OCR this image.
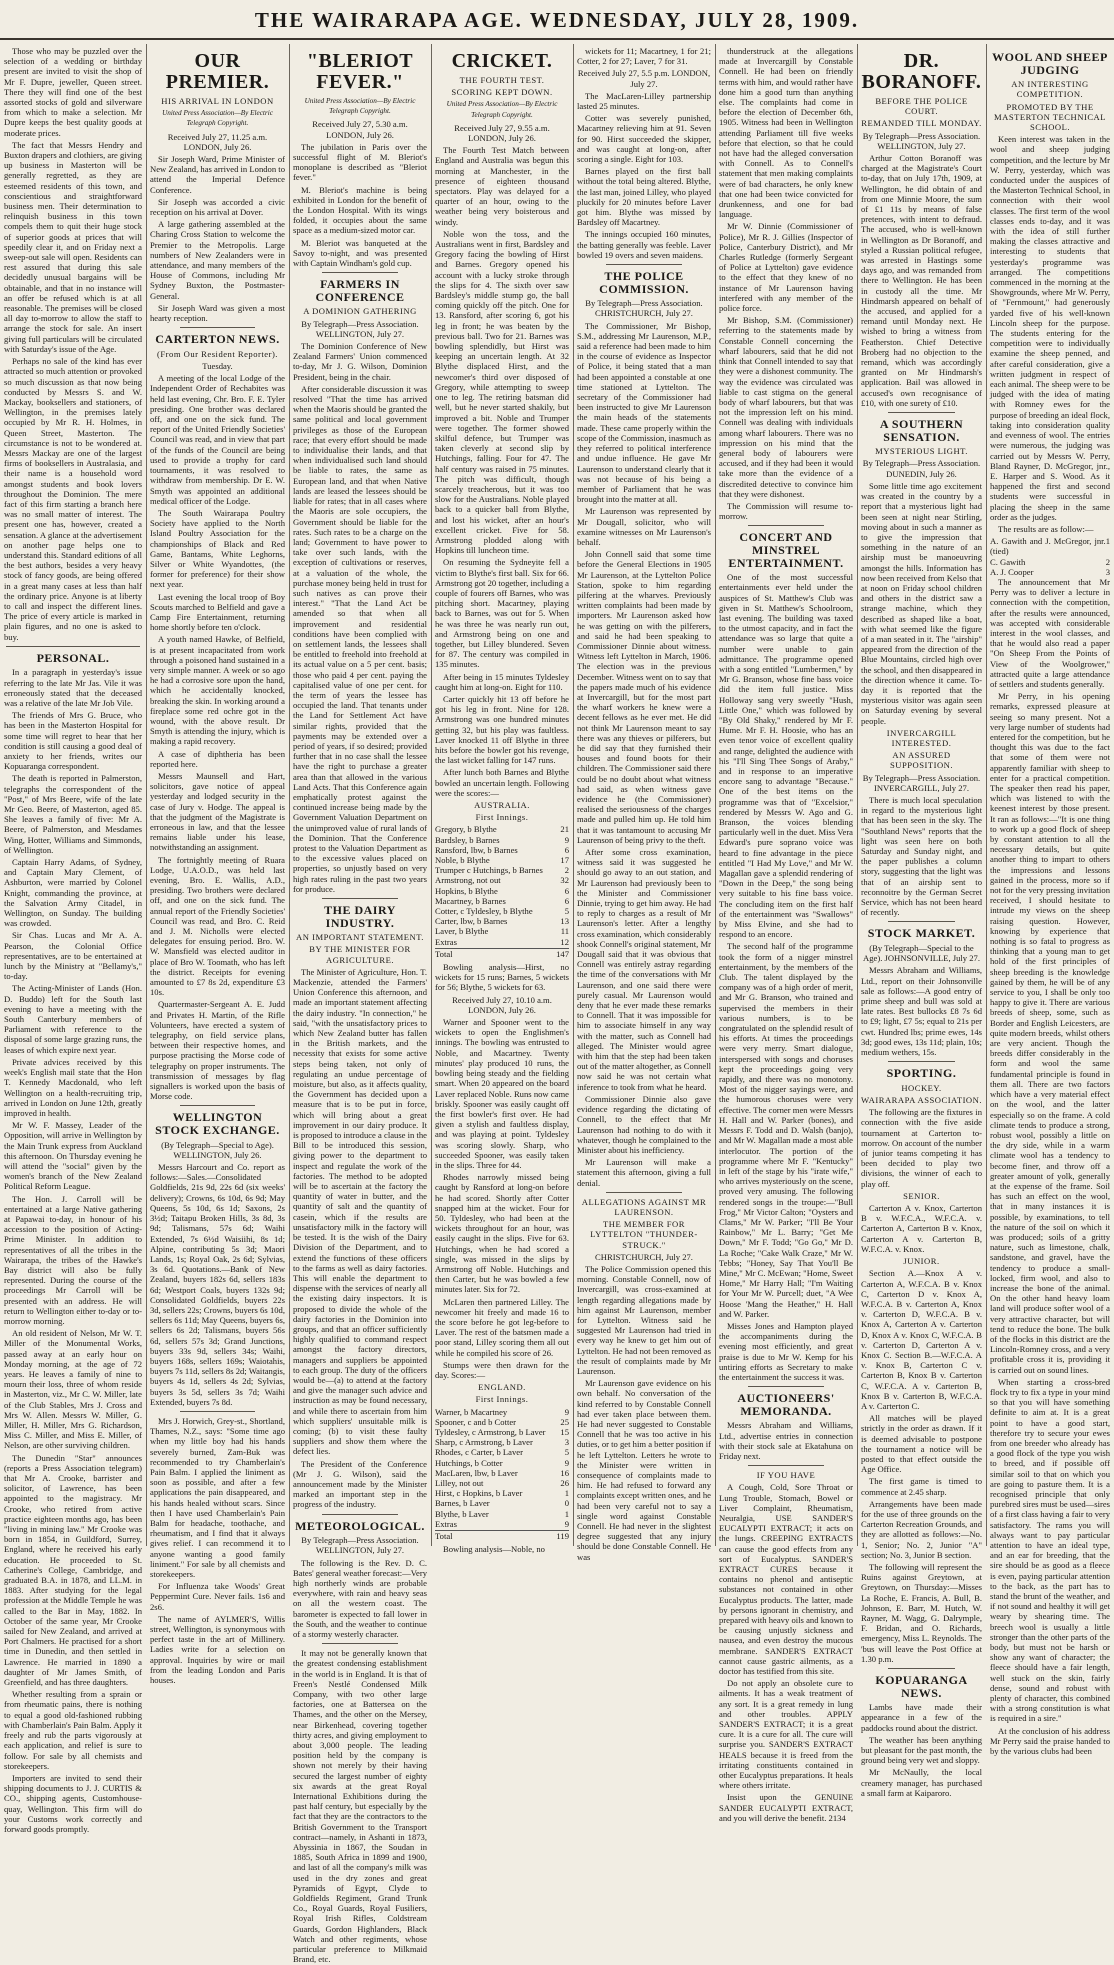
THE WAIRARAPA AGE. WEDNESDAY, JULY 28, 1909.

Those who may be puzzled over the selection of a wedding or birthday present are invited to visit the shop of Mr F. Dupre, jeweller, Queen street. There they will find one of the best assorted stocks of gold and silverware from which to make a selection. Mr Dupre keeps the best quality goods at moderate prices.

The fact that Messrs Hendry and Buxton drapers and clothiers, are giving up business in Masterton will be generally regretted, as they are esteemed residents of this town, and conscientious and straightforward business men. Their determination to relinquish business in this town compels them to quit their huge stock of superior goods at prices that will speedily clear it, and on Friday next a sweep-out sale will open. Residents can rest assured that during this sale decidedly unusual bargains will be obtainable, and that in no instance will an offer be refused which is at all reasonable. The premises will be closed all day to-morrow to allow the staff to arrange the stock for sale. An insert giving full particulars will be circulated with Saturday's issue of the Age.

Perhaps no sale of the kind has ever attracted so much attention or provoked so much discussion as that now being conducted by Messrs S. and W. Mackay, booksellers and stationers, of Wellington, in the premises lately occupied by Mr R. H. Holmes, in Queen Street, Masterton. The circumstance is not to be wondered at. Messrs Mackay are one of the largest firms of booksellers in Australasia, and their name is a household word amongst students and book lovers throughout the Dominion. The mere fact of this firm starting a branch here was no small matter of interest. The present one has, however, created a sensation. A glance at the advertisement on another page helps one to understand this. Standard editions of all the best authors, besides a very heavy stock of fancy goods, are being offered in a great many cases at less than half the ordinary price. Anyone is at liberty to call and inspect the different lines. The price of every article is marked in plain figures, and no one is asked to buy.

PERSONAL.

In a paragraph in yesterday's issue referring to the late Mr Jas. Vile it was erroneously stated that the deceased was a relative of the late Mr Job Vile.

The friends of Mrs G. Bruce, who has been in the Masterton Hospital for some time will regret to hear that her condition is still causing a good deal of anxiety to her friends, writes our Kopuaranga correspondent.

The death is reported in Palmerston, telegraphs the correspondent of the "Post," of Mrs Beere, wife of the late Mr Geo. Beere, of Masterton, aged 85. She leaves a family of five: Mr A. Beere, of Palmerston, and Mesdames Wing, Hotter, Williams and Simmonds, of Wellington.

Captain Harry Adams, of Sydney, and Captain Mary Clement, of Ashburton, were married by Colonel Knight, commanding the province, at the Salvation Army Citadel, in Wellington, on Sunday. The building was crowded.

Sir Chas. Lucas and Mr A. A. Pearson, the Colonial Office representatives, are to be entertained at lunch by the Ministry at "Bellamy's," to-day.

The Acting-Minister of Lands (Hon. D. Buddo) left for the South last evening to have a meeting with the South Canterbury members of Parliament with reference to the disposal of some large grazing runs, the leases of which expire next year.

Private advices received by this week's English mail state that the Hon T. Kennedy Macdonald, who left Wellington on a health-recruiting trip, arrived in London on June 12th, greatly improved in health.

Mr W. F. Massey, Leader of the Opposition, will arrive in Wellington by the Main Trunk express from Auckland this afternoon. On Thursday evening he will attend the "social" given by the women's branch of the New Zealand Political Reform League.

The Hon. J. Carroll will be entertained at a large Native gathering at Papawai to-day, in honour of his accession to the position of Acting-Prime Minister. In addition to representatives of all the tribes in the Wairarapa, the tribes of the Hawke's Bay district will also be fully represented. During the course of the proceedings Mr Carroll will be presented with an address. He will return to Wellington either to-day or to-morrow morning.

An old resident of Nelson, Mr W. T. Miller of the Monumental Works, passed away at an early hour on Monday morning, at the age of 72 years. He leaves a family of nine to mourn their loss, three of whom reside in Masterton, viz., Mr C. W. Miller, late of the Club Stables, Mrs J. Cross and Mrs W. Allen. Messrs W. Miller, G. Miller, H. Miller, Mrs G. Richardson, Miss C. Miller, and Miss E. Miller, of Nelson, are other surviving children.

The Dunedin "Star" announces (reports a Press Association telegram) that Mr A. Crooke, barrister and solicitor, of Lawrence, has been appointed to the magistracy. Mr Crooke, who retired from active practice eighteen months ago, has been "living in mining law." Mr Crooke was born in 1854, in Guildford, Surrey, England, where he received his early education. He proceeded to St. Catherine's College, Cambridge, and graduated B.A. in 1878, and LL.M. in 1883. After studying for the legal profession at the Middle Temple he was called to the Bar in May, 1882. In October of the same year, Mr Crooke sailed for New Zealand, and arrived at Port Chalmers. He practised for a short time in Dunedin, and then settled in Lawrence. He married in 1890 a daughter of Mr James Smith, of Greenfield, and has three daughters.

Whether resulting from a sprain or from rheumatic pains, there is nothing to equal a good old-fashioned rubbing with Chamberlain's Pain Balm. Apply it freely and rub the parts vigorously at each application, and relief is sure to follow. For sale by all chemists and storekeepers.

Importers are invited to send their shipping documents to J. J. CURTIS & CO., shipping agents, Customhouse-quay, Wellington. This firm will do your Customs work correctly and forward goods promptly.

OUR PREMIER.
HIS ARRIVAL IN LONDON
United Press Association—By Electric Telegraph Copyright.
Received July 27, 11.25 a.m. LONDON, July 26.

Sir Joseph Ward, Prime Minister of New Zealand, has arrived in London to attend the Imperial Defence Conference.

Sir Joseph was accorded a civic reception on his arrival at Dover.

A large gathering assembled at the Charing Cross Station to welcome the Premier to the Metropolis. Large numbers of New Zealanders were in attendance, and many members of the House of Commons, including Mr Sydney Buxton, the Postmaster-General.

Sir Joseph Ward was given a most hearty reception.

CARTERTON NEWS.
(From Our Resident Reporter).
Tuesday.

A meeting of the local Lodge of the Independent Order of Rechabites was held last evening, Chr. Bro. F. E. Tyler presiding. One brother was declared off, and one on the sick fund. The report of the United Friendly Societies' Council was read, and in view that part of the funds of the Council are being used to provide a trophy for card tournaments, it was resolved to withdraw from membership. Dr E. W. Smyth was appointed an additional medical officer of the Lodge.

The South Wairarapa Poultry Society have applied to the North Island Poultry Association for the championships of Black and Red Game, Bantams, White Leghorns, Silver or White Wyandottes, (the former for preference) for their show next year.

Last evening the local troop of Boy Scouts marched to Belfield and gave a Camp Fire Entertainment, returning home shortly before ten o'clock.

A youth named Hawke, of Belfield, is at present incapacitated from work through a poisoned hand sustained in a very simple manner. A week or so ago he had a corrosive sore upon the hand, which he accidentally knocked, breaking the skin. In working around a fireplace some red ochre got in the wound, with the above result. Dr Smyth is attending the injury, which is making a rapid recovery.

A case of diphtheria has been reported here.

Messrs Maunsell and Hart, solicitors, gave notice of appeal yesterday and lodged security in the case of Jury v. Hodge. The appeal is that the judgment of the Magistrate is erroneous in law, and that the lessee remains liable under his lease, notwithstanding an assignment.

The fortnightly meeting of Ruara Lodge, U.A.O.D., was held last evening, Bro. E. Wallis, A.D., presiding. Two brothers were declared off, and one on the sick fund. The annual report of the Friendly Societies' Council was read, and Bro. C. Reid and J. M. Nicholls were elected delegates for ensuing period. Bro. W. W. Mansfield was elected auditor in place of Bro W. Toomath, who has left the district. Receipts for evening amounted to £7 8s 2d, expenditure £3 10s.

Quartermaster-Sergeant A. E. Judd and Privates H. Martin, of the Rifle Volunteers, have erected a system of telegraphy, on field service plans, between their respective homes, and purpose practising the Morse code of telegraphy on proper instruments. The transmission of messages by flag signallers is worked upon the basis of Morse code.

WELLINGTON STOCK EXCHANGE.
(By Telegraph—Special to Age). WELLINGTON, July 26.

Messrs Harcourt and Co. report as follows:—Sales.—Consolidated Goldfields, 21s 9d, 22s 6d (six weeks' delivery); Crowns, 6s 10d, 6s 9d; May Queens, 5s 10d, 6s 1d; Saxons, 2s 3½d; Taitapu Broken Hills, 3s 8d, 3s 9d; Talismans, 57s 6d; Waihi Extended, 7s 6½d Waisiihi, 8s 1d; Alpine, contributing 5s 3d; Maori Lands, 1s; Royal Oak, 2s 6d; Sylvias, 3s 6d. Quotations.—Bank of New Zealand, buyers 182s 6d, sellers 183s 6d; Westport Coals, buyers 132s 9d; Consolidated Goldfields, buyers 22s 3d, sellers 22s; Crowns, buyers 6s 10d, sellers 6s 11d; May Queens, buyers 6s, sellers 6s 2d; Talismans, buyers 56s 6d, sellers 57s 3d; Grand Junctions, buyers 33s 9d, sellers 34s; Waihi, buyers 168s, sellers 169s; Waiotahis, buyers 7s 11d, sellers 8s 2d; Waitangis, buyers 4s 1d, sellers 4s 2d; Sylvias, buyers 3s 5d, sellers 3s 7d; Waihi Extended, buyers 7s 8d.

Mrs J. Horwich, Grey-st., Shortland, Thames, N.Z., says: "Some time ago when my little boy had his hands severely burned, Zam-Buk was recommended to try Chamberlain's Pain Balm. I applied the liniment as soon as possible, and after a few applications the pain disappeared, and his hands healed without scars. Since then I have used Chamberlain's Pain Balm for headache, toothache, and rheumatism, and I find that it always gives relief. I can recommend it to anyone wanting a good family liniment." For sale by all chemists and storekeepers.

For Influenza take Woods' Great Peppermint Cure. Never fails. 1s6 and 2s6.

The name of AYLMER'S, Willis street, Wellington, is synonymous with perfect taste in the art of Millinery. Ladies write for a selection on approval. Inquiries by wire or mail from the leading London and Paris houses.

"BLERIOT FEVER."
United Press Association—By Electric Telegraph Copyright.
Received July 27, 5.30 a.m. LONDON, July 26.

The jubilation in Paris over the successful flight of M. Bleriot's monoplane is described as "Bleriot fever."

M. Bleriot's machine is being exhibited in London for the benefit of the London Hospital. With its wings folded, it occupies about the same space as a medium-sized motor car.

M. Bleriot was banqueted at the Savoy to-night, and was presented with Captain Windham's gold cup.

FARMERS IN CONFERENCE
A DOMINION GATHERING
By Telegraph—Press Association. WELLINGTON, July 27.

The Dominion Conference of New Zealand Farmers' Union commenced to-day, Mr J. G. Wilson, Dominion President, being in the chair.

After considerable discussion it was resolved "That the time has arrived when the Maoris should be granted the same political and local government privileges as those of the European race; that every effort should be made to individualise their lands, and that when individualised such land should be liable to rates, the same as European land, and that when Native lands are leased the lessees should be liable for rates; that in all cases where the Maoris are sole occupiers, the Government should be liable for the rates. Such rates to be a charge on the land; Government to have power to take over such lands, with the exception of cultivations or reserves, at a valuation of the whole, the purchase money being held in trust for such natives as can prove their interest." "That the Land Act be amended so that when all improvement and residential conditions have been complied with on settlement lands, the lessees shall be entitled to freehold into freehold at its actual value on a 5 per cent. basis; those who paid 4 per cent. paying the capitalised value of one per cent. for the term of years the lessee has occupied the land. That tenants under the Land for Settlement Act have similar rights, provided that the payments may be extended over a period of years, if so desired; provided further that in no case shall the lessee have the right to purchase a greater area than that allowed in the various Land Acts. That this Conference again emphatically protest against the continued increase being made by the Government Valuation Department on the unimproved value of rural lands of the Dominion. That the Conference protest to the Valuation Department as to the excessive values placed on properties, so unjustly based on very high rates ruling in the past two years for produce.

THE DAIRY INDUSTRY.
AN IMPORTANT STATEMENT.
BY THE MINISTER FOR AGRICULTURE.

The Minister of Agriculture, Hon. T. Mackenzie, attended the Farmers' Union Conference this afternoon, and made an important statement affecting the dairy industry. "In connection," he said, "with the unsatisfactory prices to which New Zealand butter has fallen in the British markets, and the necessity that exists for some active steps being taken, not only of regulating an undue percentage of moisture, but also, as it affects quality, the Government has decided upon a measure that is to be put in force, which will bring about a great improvement in our dairy produce. It is proposed to introduce a clause in the Bill to be introduced this session, giving power to the department to inspect and regulate the work of the factories. The method to be adopted will be to ascertain at the factory the quantity of water in butter, and the quantity of salt and the quantity of casein, which if the results are unsatisfactory milk in the factory will be tested. It is the wish of the Dairy Division of the Department, and to extend the functions of these officers to the farms as well as dairy factories. This will enable the department to dispense with the services of nearly all the existing dairy inspectors. It is proposed to divide the whole of the dairy factories in the Dominion into groups, and that an officer sufficiently highly qualified to command respect amongst the factory directors, managers and suppliers be appointed to each group. The duty of the officers would be—(a) to attend at the factory and give the manager such advice and instruction as may be found necessary, and while there to ascertain from him which suppliers' unsuitable milk is coming; (b) to visit these faulty suppliers and show them where the defect lies.

The President of the Conference (Mr J. G. Wilson), said the announcement made by the Minister marked an important step in the progress of the industry.

METEOROLOGICAL.
By Telegraph—Press Association. WELLINGTON, July 27.

The following is the Rev. D. C. Bates' general weather forecast:—Very high northerly winds are probable everywhere, with rain and heavy seas on all the western coast. The barometer is expected to fall lower in the South, and the weather to continue of a stormy westerly character.

It may not be generally known that the greatest condensing establishment in the world is in England. It is that of Freen's Nestlé Condensed Milk Company, with two other large factories, one at Battersea on the Thames, and the other on the Mersey, near Birkenhead, covering together thirty acres, and giving employment to about 3,000 people. The leading position held by the company is shown not merely by their having secured the largest number of eighty six awards at the great Royal International Exhibitions during the past half century, but especially by the fact that they are the contractors to the British Government to the Transport contract—namely, in Ashanti in 1873, Abyssinia in 1867, the Soudan in 1885, South Africa in 1899 and 1900, and last of all the company's milk was used in the dry zones and great Pyramids of Egypt, Clyde to Goldfields Regiment, Grand Trunk Co., Royal Guards, Royal Fusiliers, Royal Irish Rifles, Coldstream Guards, Gordon Highlanders, Black Watch and other regiments, whose particular preference to Milkmaid Brand, etc.

CRICKET.
THE FOURTH TEST.
SCORING KEPT DOWN.
United Press Association—By Electric Telegraph Copyright.
Received July 27, 9.55 a.m. LONDON, July 26.

The Fourth Test Match between England and Australia was begun this morning at Manchester, in the presence of eighteen thousand spectators. Play was delayed for a quarter of an hour, owing to the weather being very boisterous and windy.

Noble won the toss, and the Australians went in first, Bardsley and Gregory facing the bowling of Hirst and Barnes. Gregory opened his account with a lucky stroke through the slips for 4. The sixth over saw Bardsley's middle stump go, the ball coming quickly off the pitch. One for 13. Ransford, after scoring 6, got his leg in front; he was beaten by the previous ball. Two for 21. Barnes was bowling splendidly, but Hirst was keeping an uncertain length. At 32 Blythe displaced Hirst, and the newcomer's third over disposed of Gregory, while attempting to sweep one to leg. The retiring batsman did well, but he never started shakily, but improved a bit. Noble and Trumper were together. The former showed skilful defence, but Trumper was taken cleverly at second slip by Hutchings, falling. Four for 47. The half century was raised in 75 minutes. The pitch was difficult, though scarcely treacherous, but it was too slow for the Australians. Noble played back to a quicker ball from Blythe, and lost his wicket, after an hour's excellent cricket. Five for 58. Armstrong plodded along with Hopkins till luncheon time.

On resuming the Sydneyite fell a victim to Blythe's first ball. Six for 66. Armstrong got 20 together, including a couple of fourers off Barnes, who was pitching short. Macartney, playing back to Barnes, was out for 5. When he was three he was nearly run out, and Armstrong being on one and together, but Lilley blundered. Seven for 87. The century was compiled in 135 minutes.

After being in 15 minutes Tyldesley caught him at long-on. Eight for 110.

Carter quickly hit 13 off before he got his leg in front. Nine for 128. Armstrong was one hundred minutes getting 32, but his play was faultless. Laver knocked 11 off Blythe in three hits before the bowler got his revenge, the last wicket falling for 147 runs.

After lunch both Barnes and Blythe bowled an uncertain length. Following were the scores:—

AUSTRALIA.
First Innings.
Gregory, b Blythe	21
Bardsley, b Barnes	9
Ransford, lbw, b Barnes	6
Noble, b Blythe	17
Trumper c Hutchings, b Barnes	2
Armstrong, not out	32
Hopkins, b Blythe	6
Macartney, b Barnes	6
Cotter, c Tyldesley, b Blythe	5
Carter, lbw, b Barnes	13
Laver, b Blythe	11
Extras	12
Total	147

Bowling analysis—Hirst, no wickets for 15 runs; Barnes, 5 wickets for 56; Blythe, 5 wickets for 63.

Received July 27, 10.10 a.m. LONDON, July 26.

Warner and Spooner went to the wickets to open the Englishmen's innings. The bowling was entrusted to Noble, and Macartney. Twenty minutes' play produced 10 runs, the bowling being steady and the fielding smart. When 20 appeared on the board Laver replaced Noble. Runs now came briskly. Spooner was easily caught off the first bowler's first over. He had given a stylish and faultless display, and was playing at point. Tyldesley was scoring slowly. Sharp, who succeeded Spooner, was easily taken in the slips. Three for 44.

Rhodes narrowly missed being caught by Ransford at long-on before he had scored. Shortly after Cotter snapped him at the wicket. Four for 50. Tyldesley, who had been at the wickets throughout for an hour, was easily caught in the slips. Five for 63. Hutchings, when he had scored a single, was missed in the slips by Armstrong off Noble. Hutchings and then Carter, but he was bowled a few minutes later. Six for 72.

McLaren then partnered Lilley. The newcomer hit freely and made 16 to the score before he got leg-before to Laver. The rest of the batsmen made a poor stand, Lilley scoring them all out while he compiled his score of 26.

Stumps were then drawn for the day. Scores:—

ENGLAND.
First Innings.
Warner, b Macartney	9
Spooner, c and b Cotter	25
Tyldesley, c Armstrong, b Laver 15
Sharp, c Armstrong, b Laver	3
Rhodes, c Carter, b Laver	5
Hutchings, b Cotter	9
MacLaren, lbw, b Laver	16
Lilley, not out	26
Hirst, c Hopkins, b Laver	1
Barnes, b Laver	0
Blythe, b Laver	1
Extras	9
Total	119

Bowling analysis—Noble, no

wickets for 11; Macartney, 1 for 21; Cotter, 2 for 27; Laver, 7 for 31.

Received July 27, 5.5 p.m. LONDON, July 27.

The MacLaren-Lilley partnership lasted 25 minutes.

Cotter was severely punished, Macartney relieving him at 91. Seven for 90. Hirst succeeded the skipper, and was caught at long-on, after scoring a single. Eight for 103.

Barnes played on the first ball without the total being altered. Blythe, the last man, joined Lilley, who played pluckily for 20 minutes before Laver got him. Blythe was missed by Bardsley off Macartney.

The innings occupied 160 minutes, the batting generally was feeble. Laver bowled 19 overs and seven maidens.

THE POLICE COMMISSION.
By Telegraph—Press Association. CHRISTCHURCH, July 27.

The Commissioner, Mr Bishop, S.M., addressing Mr Laurenson, M.P., said a reference had been made to him in the course of evidence as Inspector of Police, it being stated that a man had been appointed a constable at one time stationed at Lyttelton. The secretary of the Commissioner had been instructed to give Mr Laurenson the main heads of the statements made. These came properly within the scope of the Commission, inasmuch as they referred to political interference and undue influence. He gave Mr Laurenson to understand clearly that it was not because of his being a member of Parliament that he was brought into the matter at all.

Mr Laurenson was represented by Mr Dougall, solicitor, who will examine witnesses on Mr Laurenson's behalf.

John Connell said that some time before the General Elections in 1905 Mr Laurenson, at the Lyttelton Police Station, spoke to him regarding pilfering at the wharves. Previously written complaints had been made by importers. Mr Laurenson asked how he was getting on with the pilferers, and said he had been speaking to Commissioner Dinnie about witness. Witness left Lyttelton in March, 1906. The election was in the previous December. Witness went on to say that the papers made much of his evidence at Invercargill, but for the most part the wharf workers he knew were a decent fellows as he ever met. He did not think Mr Laurenson meant to say there was any thieves or pilferers, but he did say that they furnished their houses and found boots for their children. The Commissioner said there could be no doubt about what witness had said, as when witness gave evidence he (the Commissioner) realised the seriousness of the charges made and pulled him up. He told him that it was tantamount to accusing Mr Laurenson of being privy to the theft.

After some cross examination, witness said it was suggested he should go away to an out station, and Mr Laurenson had previously been to the Minister and Commissioner Dinnie, trying to get him away. He had to reply to charges as a result of Mr Laurenson's letter. After a lengthy cross examination, which considerably shook Connell's original statement, Mr Dougall said that it was obvious that Connell was entirely astray regarding the time of the conversations with Mr Laurenson, and one said there were purely casual. Mr Laurenson would deny that he ever made these remarks to Connell. That it was impossible for him to associate himself in any way with the matter, such as Connell had alleged. The Minister would agree with him that the step had been taken out of the matter altogether, as Connell now said he was not certain what inference to took from what he heard.

Commissioner Dinnie also gave evidence regarding the dictating of Connell, to the effect that Mr Laurenson had nothing to do with it whatever, though he complained to the Minister about his inefficiency.

Mr Laurenson will make a statement this afternoon, giving a full denial.

ALLEGATIONS AGAINST MR LAURENSON.
THE MEMBER FOR LYTTELTON "THUNDER-STRUCK."
CHRISTCHURCH, July 27.

The Police Commission opened this morning. Constable Connell, now of Invercargill, was cross-examined at length regarding allegations made by him against Mr Laurenson, member for Lyttelton. Witness said he suggested Mr Laurenson had tried in every way he knew to get him out of Lyttelton. He had not been removed as the result of complaints made by Mr Laurenson.

Mr Laurenson gave evidence on his own behalf. No conversation of the kind referred to by Constable Connell had ever taken place between them. He had never suggested to Constable Connell that he was too active in his duties, or to get him a better position if he left Lyttelton. Letters he wrote to the Minister were written in consequence of complaints made to him. He had refused to forward any complaints except written ones, and he had been very careful not to say a single word against Constable Connell. He had never in the slightest degree suggested that any injury should be done Constable Connell. He was

thunderstruck at the allegations made at Invercargill by Constable Connell. He had been on friendly terms with him, and would rather have done him a good turn than anything else. The complaints had come in before the election of December 6th, 1905. Witness had been in Wellington attending Parliament till five weeks before that election, so that he could not have had the alleged conversation with Connell. As to Connell's statement that men making complaints were of bad characters, he only knew that one had been twice convicted for drunkenness, and one for bad language.

Mr W. Dinnie (Commissioner of Police), Mr R. J. Gillies (Inspector of Police, Canterbury District), and Mr Charles Rutledge (formerly Sergeant of Police at Lyttelton) gave evidence to the effect that they knew of no instance of Mr Laurenson having interfered with any member of the police force.

Mr Bishop, S.M. (Commissioner) referring to the statements made by Constable Connell concerning the wharf labourers, said that he did not think that Connell intended to say that they were a dishonest community. The way the evidence was circulated was liable to cast stigma on the general body of wharf labourers, but that was not the impression left on his mind. Connell was dealing with individuals among wharf labourers. There was no impression on his mind that the general body of labourers were accused, and if they had been it would take more than the evidence of a discredited detective to convince him that they were dishonest.

The Commission will resume to-morrow.

CONCERT AND MINSTREL ENTERTAINMENT.

One of the most successful entertainments ever held under the auspices of St. Matthew's Club was given in St. Matthew's Schoolroom, last evening. The building was taxed to the utmost capacity, and in fact the attendance was so large that quite a number were unable to gain admittance. The programme opened with a song entitled "Lumbermen," by Mr G. Branson, whose fine bass voice did the item full justice. Miss Holloway sang very sweetly "Hush, Little One," which was followed by "By Old Shaky," rendered by Mr F. Hume. Mr F. H. Hoosie, who has an even tenor voice of excellent quality and range, delighted the audience with his "I'll Sing Thee Songs of Araby," and in response to an imperative encore sang to advantage "Because." One of the best items on the programme was that of "Excelsior," rendered by Messrs W. Ago and G. Branson, the voices blending particularly well in the duet. Miss Vera Edward's pure soprano voice was heard to fine advantage in the piece entitled "I Had My Love," and Mr W. Magallan gave a splendid rendering of "Down in the Deep," the song being very suitable to his fine bass voice. The concluding item on the first half of the entertainment was "Swallows" by Miss Elvine, and she had to respond to an encore.

The second half of the programme took the form of a nigger minstrel entertainment, by the members of the Club. The talent displayed by the company was of a high order of merit, and Mr G. Branson, who trained and supervised the members in their various numbers, is to be congratulated on the splendid result of his efforts. At times the proceedings were very merry. Smart dialogue, interspersed with songs and choruses kept the proceedings going very rapidly, and there was no monotony. Most of the nigger sayings were, and the humorous choruses were very effective. The corner men were Messrs H. Hall and W. Parker (bones), and Messrs F. Todd and D. Walsh (banjo), and Mr W. Magallan made a most able interlocutor. The portion of the programme where Mr F. "Kentucky" in left of the stage by his "irate wife," who arrives mysteriously on the scene, proved very amusing. The following rendered songs in the troupe:—"Bull Frog," Mr Victor Calton; "Oysters and Clams," Mr W. Parker; "I'll Be Your Rainbow," Mr L. Barry; "Get Me Down," Mr F. Todd; "Go Go," Mr D. La Roche; "Cake Walk Craze," Mr W. Tebbs; "Honey, Say That You'll Be Mine," Mr C. McEwan; "Home, Sweet Home," Mr Harry Hall; "I'm Waiting for Your Mr W. Purcell; duet, "A Wee Hoose 'Mang the Heather," H. Hall and W. Parker.

Misses Jones and Hampton played the accompaniments during the evening most efficiently, and great praise is due to Mr W. Kemp for his untiring efforts as Secretary to make the entertainment the success it was.

AUCTIONEERS' MEMORANDA.

Messrs Abraham and Williams, Ltd., advertise entries in connection with their stock sale at Ekatahuna on Friday next.

IF YOU HAVE

A Cough, Cold, Sore Throat or Lung Trouble, Stomach, Bowel or Liver Complaint, Rheumatism, Neuralgia, USE SANDER'S EUCALYPTI EXTRACT; it acts on the lungs. CREEPING EXTRACTS can cause the good effects from any sort of Eucalyptus. SANDER'S EXTRACT CURES because it contains no phenol and antiseptic substances not contained in other Eucalyptus products. The latter, made by persons ignorant in chemistry, and prepared with heavy oils and known to be causing unjustly sickness and nausea, and even destroy the mucous membrane. SANDER'S EXTRACT cannot cause gastric ailments, as a doctor has testified from this site.

Do not apply an obsolete cure to ailments. It has a weak treatment of any sort. It is a great remedy in lung and other troubles. APPLY SANDER'S EXTRACT; it is a great cure. It is a cure for all. The cure will surprise you. SANDER'S EXTRACT HEALS because it is freed from the irritating constituents contained in other Eucalyptus preparations. It heals where others irritate.

Insist upon the GENUINE SANDER EUCALYPTI EXTRACT, and you will derive the benefit. 2134

DR. BORANOFF.
BEFORE THE POLICE COURT.
REMANDED TILL MONDAY.
By Telegraph—Press Association. WELLINGTON, July 27.

Arthur Cotton Boranoff was charged at the Magistrate's Court to-day, that on July 17th, 1909, at Wellington, he did obtain of and from one Minnie Moore, the sum of £1 11s by means of false pretences, with intent to defraud. The accused, who is well-known in Wellington as Dr Boranoff, and styled a Russian political refugee, was arrested in Hastings some days ago, and was remanded from there to Wellington. He has been in custody all the time. Mr Hindmarsh appeared on behalf of the accused, and applied for a remand until Monday next. He wished to bring a witness from Featherston. Chief Detective Broberg had no objection to the remand, which was accordingly granted on Mr Hindmarsh's application. Bail was allowed in accused's own recognisance of £10, with one surety of £10.

A SOUTHERN SENSATION.
MYSTERIOUS LIGHT.
By Telegraph—Press Association. DUNEDIN, July 26.

Some little time ago excitement was created in the country by a report that a mysterious light had been seen at night near Stirling, moving about in such a manner as to give the impression that something in the nature of an airship must be manoeuvring amongst the hills. Information has now been received from Kelso that at noon on Friday school children and others in the district saw a strange machine, which they described as shaped like a boat, with what seemed like the figure of a man seated in it. The "airship" appeared from the direction of the Blue Mountains, circled high over the school, and then disappeared in the direction whence it came. To-day it is reported that the mysterious visitor was again seen on Saturday evening by several people.

INVERCARGILL INTERESTED.
AN ASSURED SUPPOSITION.
By Telegraph—Press Association. INVERCARGILL, July 27.

There is much local speculation in regard to the mysterious light that has been seen in the sky. The "Southland News" reports that the light was seen here on both Saturday and Sunday night, and the paper publishes a column story, suggesting that the light was that of an airship sent to reconnoitre by the German Secret Service, which has not been heard of recently.

STOCK MARKET.
(By Telegraph—Special to the Age). JOHNSONVILLE, July 27.

Messrs Abraham and Williams, Ltd., report on their Johnsonville sale as follows:—A good entry of prime sheep and bull was sold at late rates. Best bullocks £8 7s 6d to £9; light, £7 5s; equal to 21s per cwt. Hundred lbs; prime ewes, 14s 3d; good ewes, 13s 11d; plain, 10s; medium wethers, 15s.

SPORTING.
HOCKEY.
WAIRARAPA ASSOCIATION.

The following are the fixtures in connection with the five aside tournament at Carterton to-morrow. On account of the number of junior teams competing it has been decided to play two divisions, the winner of each to play off.

SENIOR.

Carterton A v. Knox, Carterton B v. W.F.C.A., W.F.C.A. v. Carterton A, Carterton B v. Knox, Carterton A v. Carterton B, W.F.C.A. v. Knox.

JUNIOR.

Section A.—Knox A v. Carterton A, W.F.C.A. B v. Knox C, Carterton D v. Knox A, W.F.C.A. B v. Carterton A, Knox v. Carterton D, W.F.C.A. B v. Knox A, Carterton A v. Carterton D, Knox A v. Knox C, W.F.C.A. B v. Carterton D, Carterton A v. Knox C. Section B.—W.F.C.A. A v. Knox B, Carterton C v. Carterton B, Knox B v. Carterton C, W.F.C.A. A v. Carterton B, Knox B v. Carterton B, W.F.C.A. A v. Carterton C.

All matches will be played strictly in the order as drawn. If it is deemed advisable to postpone the tournament a notice will be posted to that effect outside the Age Office.

The first game is timed to commence at 2.45 sharp.

Arrangements have been made for the use of three grounds on the Carterton Recreation Grounds, and they are allotted as follows:—No. 1, Senior; No. 2, Junior "A" section; No. 3, Junior B section.

The following will represent the Ruins against Greytown, at Greytown, on Thursday:—Misses La Roche, E. Francis, A. Bull, B. Johnson, E. Barr, M. Hutch, W. Rayner, M. Wagg, G. Dalrymple, F. Bridan, and O. Richards, emergency, Miss L. Reynolds. The 'bus will leave the Post Office at 1.30 p.m.

KOPUARANGA NEWS.

Lambs have made their appearance in a few of the paddocks round about the district.

The weather has been anything but pleasant for the past month, the ground being very wet and sloppy.

Mr McNaully, the local creamery manager, has purchased a small farm at Kaiparoro.

WOOL AND SHEEP JUDGING
AN INTERESTING COMPETITION.
PROMOTED BY THE MASTERTON TECHNICAL SCHOOL.

Keen interest was taken in the wool and sheep judging competition, and the lecture by Mr W. Perry, yesterday, which was conducted under the auspices of the Masterton Technical School, in connection with their wool classes. The first term of the wool classes ends to-day, and it was with the idea of still further making the classes attractive and interesting to students that yesterday's programme was arranged. The competitions commenced in the morning at the Showgrounds, where Mr W. Perry, of "Fernmount," had generously yarded five of his well-known Lincoln sheep for the purpose. The students entering for the competition were to individually examine the sheep penned, and after careful consideration, give a written judgment in respect of each animal. The sheep were to be judged with the idea of mating with Romney ewes for the purpose of breeding an ideal flock, taking into consideration quality and evenness of wool. The entries were numerous, the judging was carried out by Messrs W. Perry, Bland Rayner, D. McGregor, jnr., E. Harper and S. Wood. As it happened the first and second students were successful in placing the sheep in the same order as the judges.

The results are as follow:—

A. Gawith and J. McGregor, jnr. (tied)
1
C. Gawith	2
A. J. Cooper	3

The announcement that Mr Perry was to deliver a lecture in connection with the competition, after the results were announced, was accepted with considerable interest in the wool classes, and that he would also read a paper "On Sheep From the Points of View of the Woolgrower," attracted quite a large attendance of settlers and students generally.

Mr Perry, in his opening remarks, expressed pleasure at seeing so many present. Not a very large number of students had entered for the competition, but he thought this was due to the fact that some of them were not apparently familiar with sheep to enter for a practical competition. The speaker then read his paper, which was listened to with the keenest interest by those present. It ran as follows:—"It is one thing to work up a good flock of sheep by constant attention to all the necessary details, but quite another thing to impart to others the impressions and lessons gained in the process, more so if not for the very pressing invitation received, I should hesitate to intrude my views on the sheep raising question. However, knowing by experience that nothing is so fatal to progress as thinking that a young man to get hold of the first principles of sheep breeding is the knowledge gained by them, he will be of any service to you, I shall be only too happy to give it. There are various breeds of sheep, some, such as Border and English Leicesters, are quite modern breeds, whilst others are very ancient. Though the breeds differ considerably in the form and wool the same fundamental principle is found in them all. There are two factors which have a very material effect on the wool, and the latter especially so on the frame. A cold climate tends to produce a strong, robust wool, possibly a little on the dry side, while in a warm climate wool has a tendency to become finer, and throw off a greater amount of yolk, generally at the expense of the frame. Soil has such an effect on the wool, that in many instances it is possible, by examinations, to tell the nature of the soil on which it was produced; soils of a gritty nature, such as limestone, chalk, sandstone, and gravel, have the tendency to produce a small-locked, firm wool, and also to increase the bone of the animal. On the other hand heavy loam land will produce softer wool of a very attractive character, but will tend to reduce the bone. The bulk of the flocks in this district are the Lincoln-Romney cross, and a very profitable cross it is, providing it is carried out on sound lines.

When starting a cross-bred flock try to fix a type in your mind so that you will have something definite to aim at. It is a great point to have a good start, therefore try to secure your ewes from one breeder who already has a good flock of the type you wish to breed, and if possible off similar soil to that on which you are going to pasture them. It is a recognised principle that only purebred sires must be used—sires of a first class having a fair to very satisfactory. The rams you will always want to pay particular attention to have an ideal type, and an ear for breeding, that the sire should be as good as a fleece is even, paying particular attention to the back, as the part has to stand the brunt of the weather, and if not sound and healthy it will get weary by shearing time. The breech wool is usually a little stronger than the other parts of the body, but must not be harsh or show any want of character; the fleece should have a fair length, well stuck on the skin, fairly dense, sound and robust with plenty of character, this combined with a strong constitution is what is required in a sire."

At the conclusion of his address Mr Perry said the praise handed to by the various clubs had been
